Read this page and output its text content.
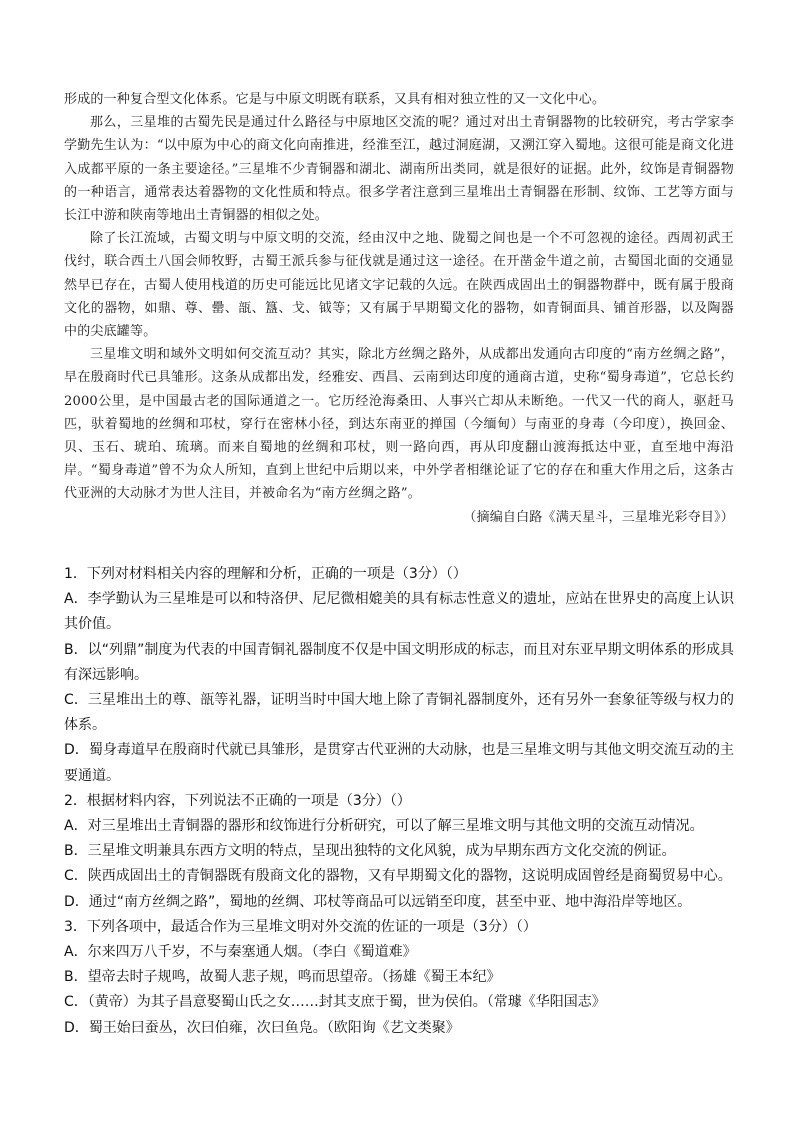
形成的一种复合型文化体系。它是与中原文明既有联系，又具有相对独立性的又一文化中心。

那么，三星堆的古蜀先民是通过什么路径与中原地区交流的呢？通过对出土青铜器物的比较研究，考古学家李学勤先生认为：“以中原为中心的商文化向南推进，经淮至江，越过洞庭湖，又溯江穿入蜀地。这很可能是商文化进入成都平原的一条主要途径。”三星堆不少青铜器和湖北、湖南所出类同，就是很好的证据。此外，纹饰是青铜器物的一种语言，通常表达着器物的文化性质和特点。很多学者注意到三星堆出土青铜器在形制、纹饰、工艺等方面与长江中游和陕南等地出土青铜器的相似之处。

除了长江流域，古蜀文明与中原文明的交流，经由汉中之地、陇蜀之间也是一个不可忽视的途径。西周初武王伐纣，联合西土八国会师牧野，古蜀王派兵参与征伐就是通过这一途径。在开凿金牛道之前，古蜀国北面的交通显然早已存在，古蜀人使用栈道的历史可能远比见诸文字记载的久远。在陕西成固出土的铜器物群中，既有属于殷商文化的器物，如鼎、尊、罍、瓿、簋、戈、钺等；又有属于早期蜀文化的器物，如青铜面具、铺首形器，以及陶器中的尖底罐等。

三星堆文明和域外文明如何交流互动？其实，除北方丝绸之路外，从成都出发通向古印度的“南方丝绸之路”，早在殷商时代已具雏形。这条从成都出发，经雅安、西昌、云南到达印度的通商古道，史称“蜀身毒道”，它总长约2000公里，是中国最古老的国际通道之一。它历经沧海桑田、人事兴亡却从未断绝。一代又一代的商人，驱赶马匹，驮着蜀地的丝绸和邛杖，穿行在密林小径，到达东南亚的掸国（今缅甸）与南亚的身毒（今印度），换回金、贝、玉石、琥珀、琉璃。而来自蜀地的丝绸和邛杖，则一路向西，再从印度翻山渡海抵达中亚，直至地中海沿岸。“蜀身毒道”曾不为众人所知，直到上世纪中后期以来，中外学者相继论证了它的存在和重大作用之后，这条古代亚洲的大动脉才为世人注目，并被命名为“南方丝绸之路”。

（摘编自白路《满天星斗，三星堆光彩夺目》）

1．下列对材料相关内容的理解和分析，正确的一项是（3分）（）

A．李学勤认为三星堆是可以和特洛伊、尼尼微相媲美的具有标志性意义的遗址，应站在世界史的高度上认识其价值。

B．以“列鼎”制度为代表的中国青铜礼器制度不仅是中国文明形成的标志，而且对东亚早期文明体系的形成具有深远影响。

C．三星堆出土的尊、瓿等礼器，证明当时中国大地上除了青铜礼器制度外，还有另外一套象征等级与权力的体系。

D．蜀身毒道早在殷商时代就已具雏形，是贯穿古代亚洲的大动脉，也是三星堆文明与其他文明交流互动的主要通道。

2．根据材料内容，下列说法不正确的一项是（3分）（）

A．对三星堆出土青铜器的器形和纹饰进行分析研究，可以了解三星堆文明与其他文明的交流互动情况。

B．三星堆文明兼具东西方文明的特点，呈现出独特的文化风貌，成为早期东西方文化交流的例证。

C．陕西成固出土的青铜器既有殷商文化的器物，又有早期蜀文化的器物，这说明成固曾经是商蜀贸易中心。

D．通过“南方丝绸之路”，蜀地的丝绸、邛杖等商品可以远销至印度，甚至中亚、地中海沿岸等地区。

3．下列各项中，最适合作为三星堆文明对外交流的佐证的一项是（3分）（）

A．尔来四万八千岁，不与秦塞通人烟。（李白《蜀道难》

B．望帝去时子规鸣，故蜀人悲子规，鸣而思望帝。（扬雄《蜀王本纪》

C．（黄帝）为其子昌意娶蜀山氏之女……封其支庶于蜀，世为侯伯。（常璩《华阳国志》

D．蜀王始曰蚕丛，次曰伯雍，次曰鱼凫。（欧阳询《艺文类聚》
